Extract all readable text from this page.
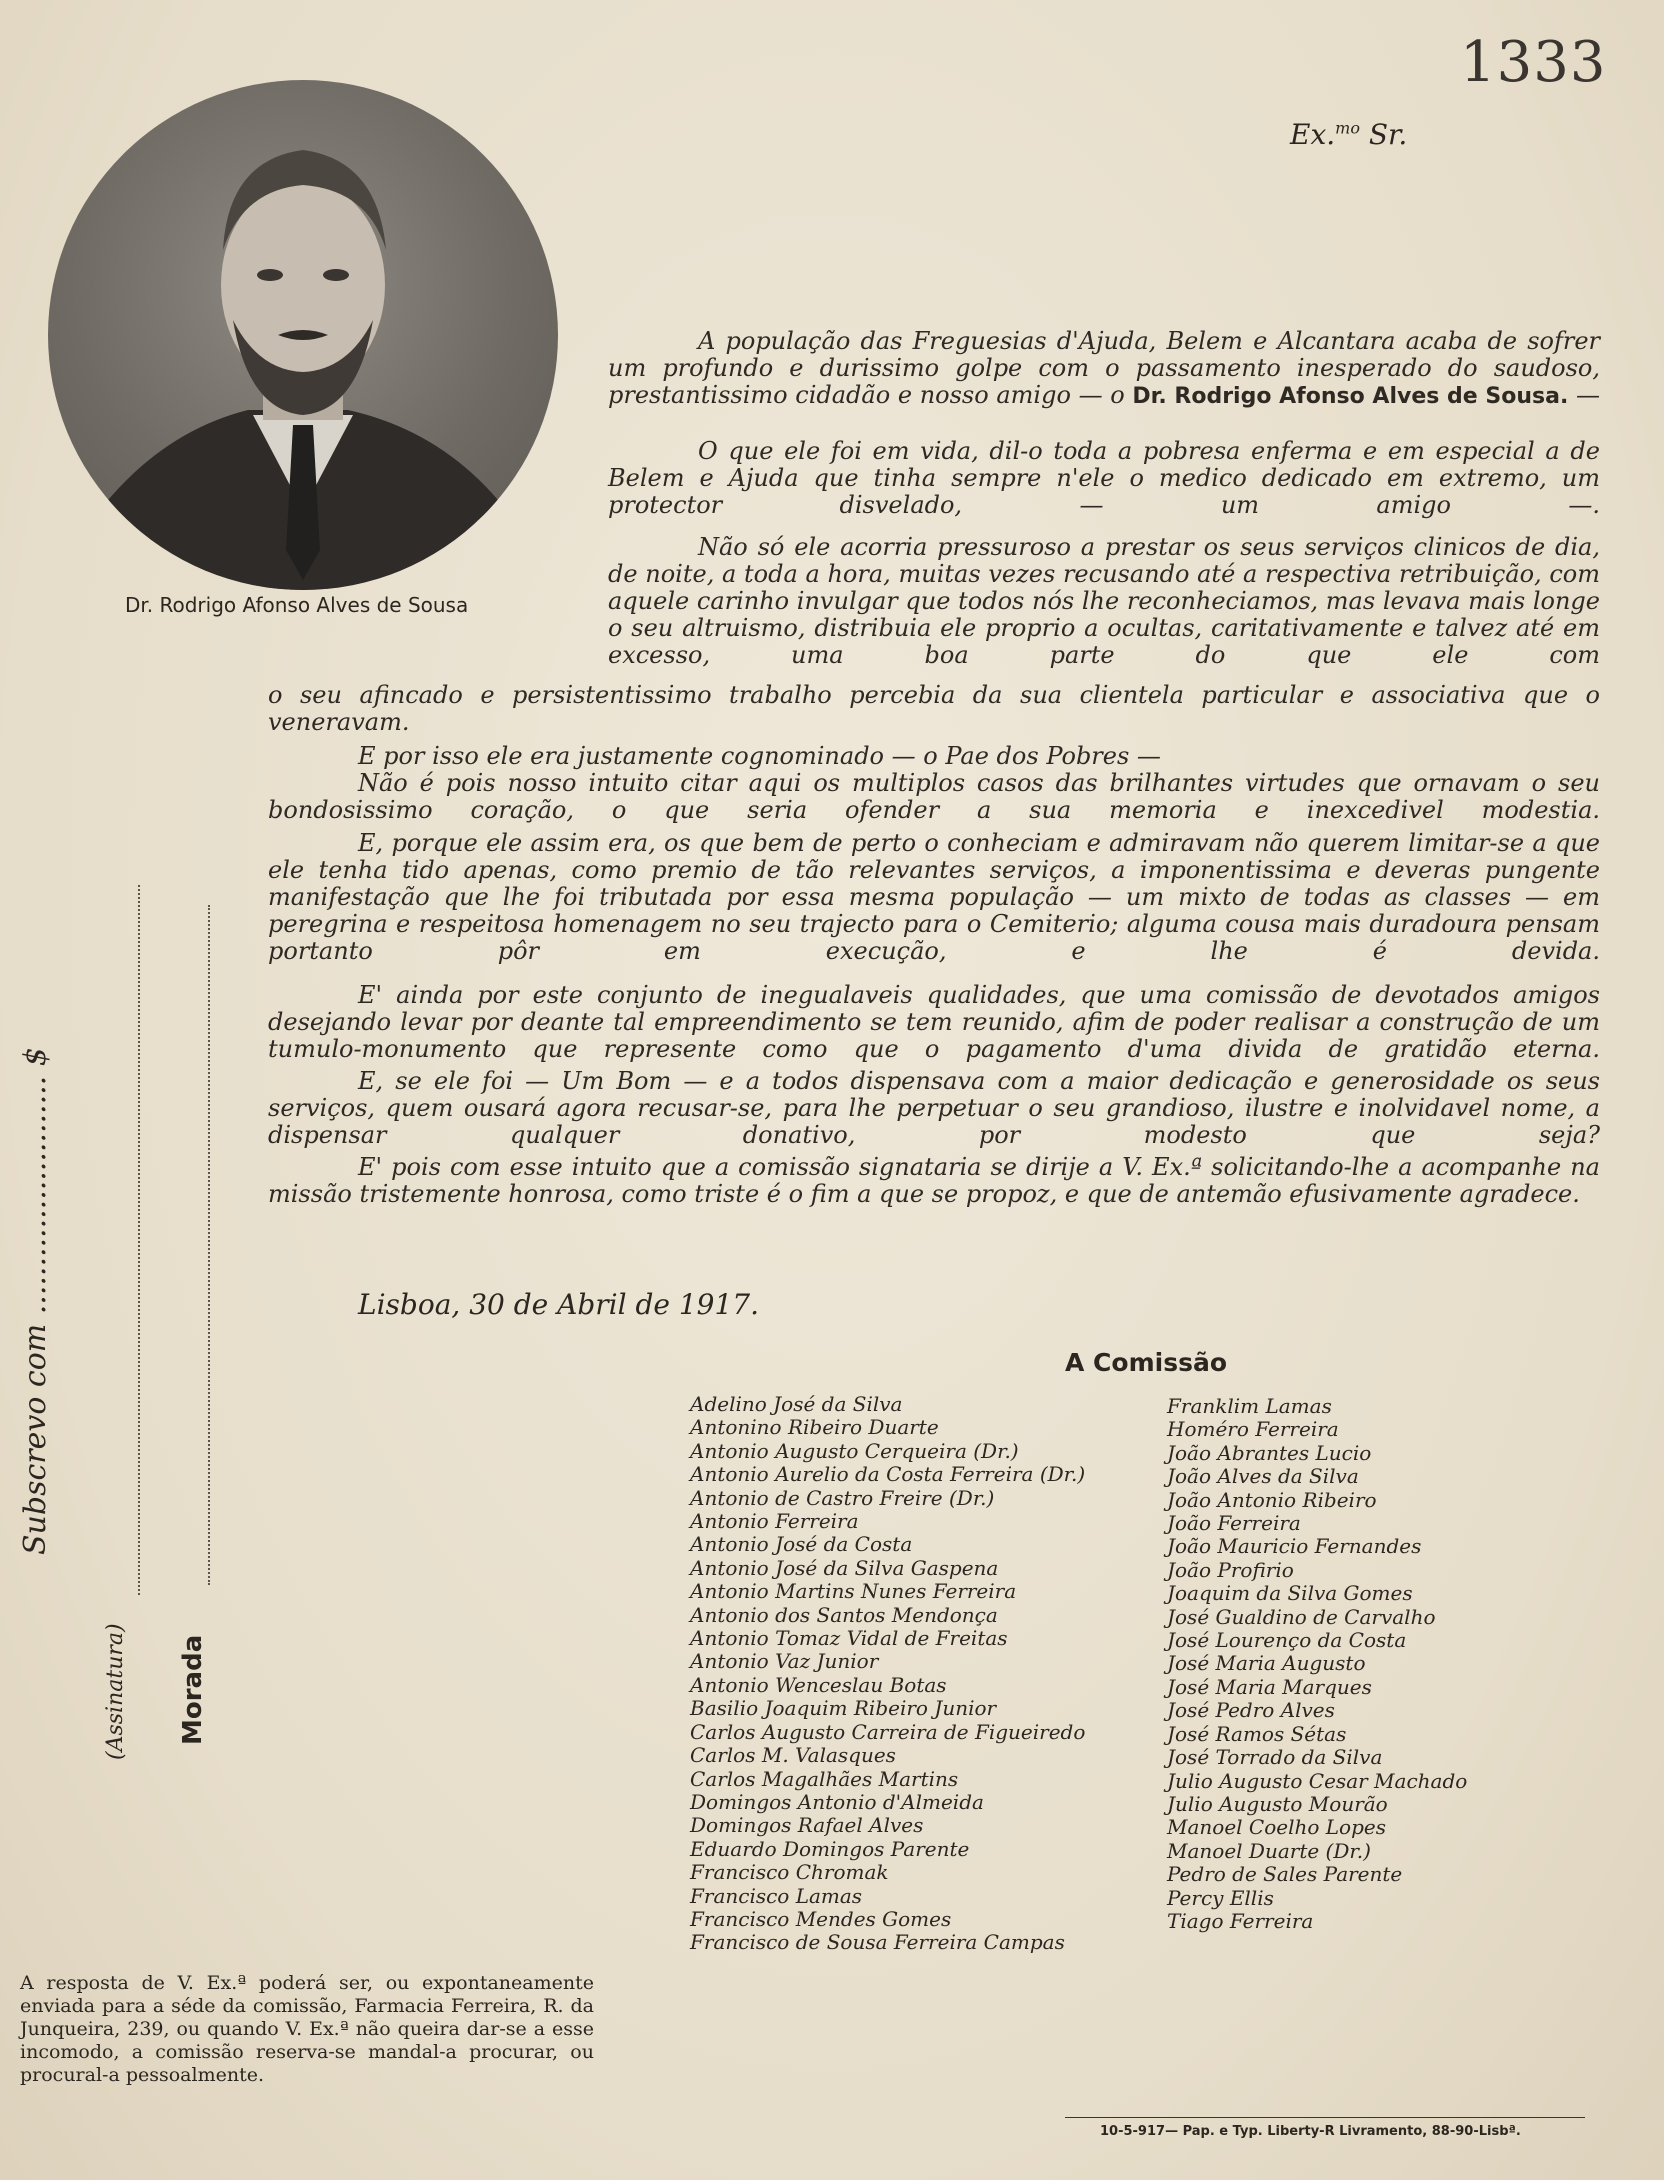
1333
Ex.$^{mo}$ Sr.
Dr. Rodrigo Afonso Alves de Sousa

A população das Freguesias d'Ajuda, Belem e Alcantara acaba de sofrer um profundo e durissimo golpe com o passamento inesperado do saudoso, prestantissimo cidadão e nosso amigo — o Dr. Rodrigo Afonso Alves de Sousa. —

O que ele foi em vida, dil-o toda a pobresa enferma e em especial a de Belem e Ajuda que tinha sempre n'ele o medico dedicado em extremo, um protector disvelado, — um amigo —.

Não só ele acorria pressuroso a prestar os seus serviços clinicos de dia, de noite, a toda a hora, muitas vezes recusando até a respectiva retribuição, com aquele carinho invulgar que todos nós lhe reconheciamos, mas levava mais longe o seu altruismo, distribuia ele proprio a ocultas, caritativamente e talvez até em excesso, uma boa parte do que ele com

o seu afincado e persistentissimo trabalho percebia da sua clientela particular e associativa que o veneravam.

E por isso ele era justamente cognominado — o Pae dos Pobres —

Não é pois nosso intuito citar aqui os multiplos casos das brilhantes virtudes que ornavam o seu bondosissimo coração, o que seria ofender a sua memoria e inexcedivel modestia.

E, porque ele assim era, os que bem de perto o conheciam e admiravam não querem limitar-se a que ele tenha tido apenas, como premio de tão relevantes serviços, a imponentissima e deveras pungente manifestação que lhe foi tributada por essa mesma população — um mixto de todas as classes — em peregrina e respeitosa homenagem no seu trajecto para o Cemiterio; alguma cousa mais duradoura pensam portanto pôr em execução, e lhe é devida.

E' ainda por este conjunto de inegualaveis qualidades, que uma comissão de devotados amigos desejando levar por deante tal empreendimento se tem reunido, afim de poder realisar a construção de um tumulo-monumento que represente como que o pagamento d'uma divida de gratidão eterna.

E, se ele foi — Um Bom — e a todos dispensava com a maior dedicação e generosidade os seus serviços, quem ousará agora recusar-se, para lhe perpetuar o seu grandioso, ilustre e inolvidavel nome, a dispensar qualquer donativo, por modesto que seja?

E' pois com esse intuito que a comissão signataria se dirije a V. Ex.ª solicitando-lhe a acompanhe na missão tristemente honrosa, como triste é o fim a que se propoz, e que de antemão efusivamente agradece.

Lisboa, 30 de Abril de 1917.
A Comissão
Adelino José da Silva
Antonino Ribeiro Duarte
Antonio Augusto Cerqueira (Dr.)
Antonio Aurelio da Costa Ferreira (Dr.)
Antonio de Castro Freire (Dr.)
Antonio Ferreira
Antonio José da Costa
Antonio José da Silva Gaspena
Antonio Martins Nunes Ferreira
Antonio dos Santos Mendonça
Antonio Tomaz Vidal de Freitas
Antonio Vaz Junior
Antonio Wenceslau Botas
Basilio Joaquim Ribeiro Junior
Carlos Augusto Carreira de Figueiredo
Carlos M. Valasques
Carlos Magalhães Martins
Domingos Antonio d'Almeida
Domingos Rafael Alves
Eduardo Domingos Parente
Francisco Chromak
Francisco Lamas
Francisco Mendes Gomes
Francisco de Sousa Ferreira Campas
Franklim Lamas
Homéro Ferreira
João Abrantes Lucio
João Alves da Silva
João Antonio Ribeiro
João Ferreira
João Mauricio Fernandes
João Profirio
Joaquim da Silva Gomes
José Gualdino de Carvalho
José Lourenço da Costa
José Maria Augusto
José Maria Marques
José Pedro Alves
José Ramos Sétas
José Torrado da Silva
Julio Augusto Cesar Machado
Julio Augusto Mourão
Manoel Coelho Lopes
Manoel Duarte (Dr.)
Pedro de Sales Parente
Percy Ellis
Tiago Ferreira
Subscrevo com ......................... $
(Assinatura) Morada

A resposta de V. Ex.ª poderá ser, ou expontaneamente enviada para a séde da comissão, Farmacia Ferreira, R. da Junqueira, 239, ou quando V. Ex.ª não queira dar-se a esse incomodo, a comissão reserva-se mandal-a procurar, ou procural-a pessoalmente.

10-5-917— Pap. e Typ. Liberty-R Livramento, 88-90-Lisbª.
